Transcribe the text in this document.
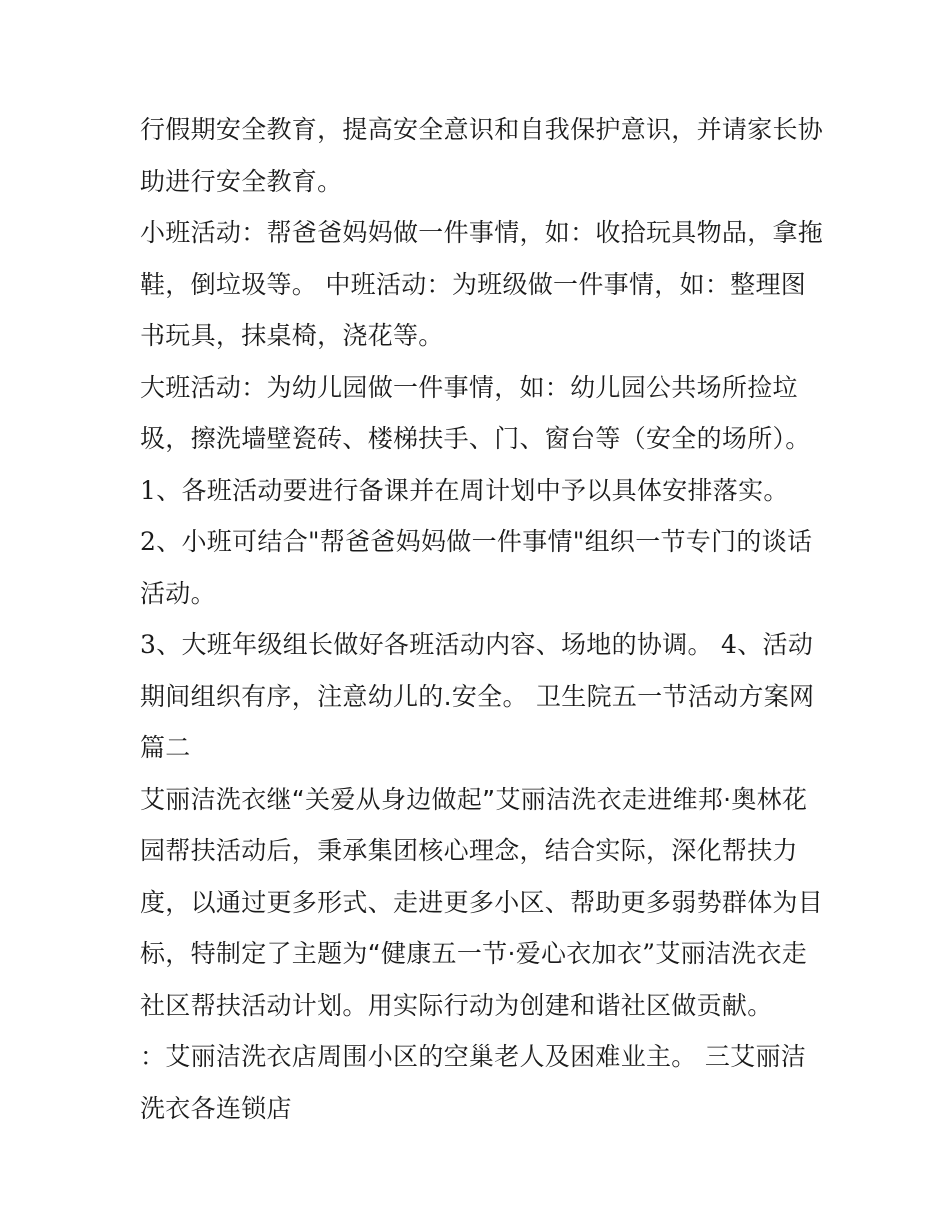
行假期安全教育，提高安全意识和自我保护意识，并请家长协
助进行安全教育。
小班活动：帮爸爸妈妈做一件事情，如：收拾玩具物品，拿拖
鞋，倒垃圾等。 中班活动：为班级做一件事情，如：整理图
书玩具，抹桌椅，浇花等。
大班活动：为幼儿园做一件事情，如：幼儿园公共场所捡垃
圾，擦洗墙壁瓷砖、楼梯扶手、门、窗台等（安全的场所）。
1、各班活动要进行备课并在周计划中予以具体安排落实。
2、小班可结合"帮爸爸妈妈做一件事情"组织一节专门的谈话
活动。
3、大班年级组长做好各班活动内容、场地的协调。 4、活动
期间组织有序，注意幼儿的.安全。 卫生院五一节活动方案网
篇二
艾丽洁洗衣继“关爱从身边做起”艾丽洁洗衣走进维邦·奥林花
园帮扶活动后，秉承集团核心理念，结合实际，深化帮扶力
度，以通过更多形式、走进更多小区、帮助更多弱势群体为目
标，特制定了主题为“健康五一节·爱心衣加衣”艾丽洁洗衣走
社区帮扶活动计划。用实际行动为创建和谐社区做贡献。
：艾丽洁洗衣店周围小区的空巢老人及困难业主。 三艾丽洁
洗衣各连锁店
